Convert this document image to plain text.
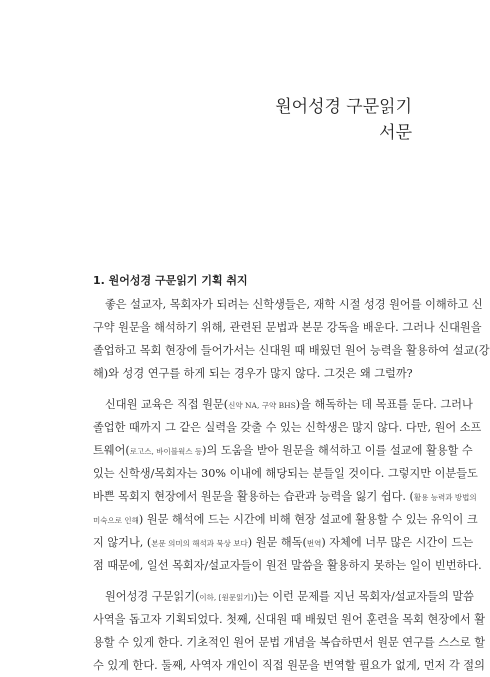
원어성경 구문읽기
서문
1. 원어성경 구문읽기 기획 취지
좋은 설교자, 목회자가 되려는 신학생들은, 재학 시절 성경 원어를 이해하고 신
구약 원문을 해석하기 위해, 관련된 문법과 본문 강독을 배운다. 그러나 신대원을
졸업하고 목회 현장에 들어가서는 신대원 때 배웠던 원어 능력을 활용하여 설교(강
해)와 성경 연구를 하게 되는 경우가 많지 않다. 그것은 왜 그럴까?
신대원 교육은 직접 원문(신약 NA, 구약 BHS)을 해독하는 데 목표를 둔다. 그러나
졸업한 때까지 그 같은 실력을 갖출 수 있는 신학생은 많지 않다. 다만, 원어 소프
트웨어(로고스, 바이블웍스 등)의 도움을 받아 원문을 해석하고 이를 설교에 활용할 수
있는 신학생/목회자는 30% 이내에 해당되는 분들일 것이다. 그렇지만 이분들도
바쁜 목회지 현장에서 원문을 활용하는 습관과 능력을 잃기 쉽다. (활용 능력과 방법의
미숙으로 인해) 원문 해석에 드는 시간에 비해 현장 설교에 활용할 수 있는 유익이 크
지 않거나, (본문 의미의 해석과 묵상 보다) 원문 해독(번역) 자체에 너무 많은 시간이 드는
점 때문에, 일선 목회자/설교자들이 원전 말씀을 활용하지 못하는 일이 빈번하다.
원어성경 구문읽기(이하, [원문읽기])는 이런 문제를 지닌 목회자/설교자들의 말씀
사역을 돕고자 기획되었다. 첫째, 신대원 때 배웠던 원어 훈련을 목회 현장에서 활
용할 수 있게 한다. 기초적인 원어 문법 개념을 복습하면서 원문 연구를 스스로 할
수 있게 한다. 둘째, 사역자 개인이 직접 원문을 번역할 필요가 없게, 먼저 각 절의
